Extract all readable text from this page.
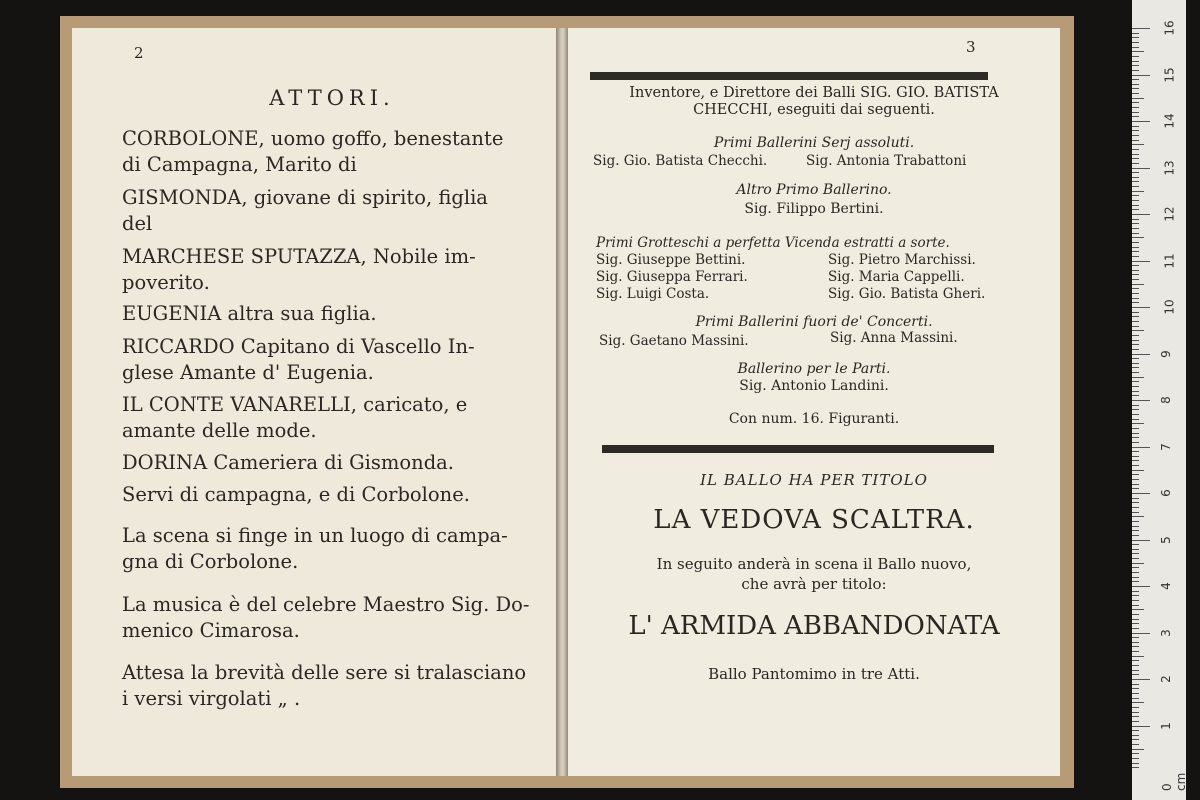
2
ATTORI.
CORBOLONE, uomo goffo, benestante
di Campagna, Marito di
GISMONDA, giovane di spirito, figlia
del
MARCHESE SPUTAZZA, Nobile im-
poverito.
EUGENIA altra sua figlia.
RICCARDO Capitano di Vascello In-
glese Amante d' Eugenia.
IL CONTE VANARELLI, caricato, e
amante delle mode.
DORINA Cameriera di Gismonda.
Servi di campagna, e di Corbolone.
La scena si finge in un luogo di campa-
gna di Corbolone.
La musica è del celebre Maestro Sig. Do-
menico Cimarosa.
Attesa la brevità delle sere si tralasciano
i versi virgolati „ .
3
Inventore, e Direttore dei Balli SIG. GIO. BATISTA
CHECCHI, eseguiti dai seguenti.
Primi Ballerini Serj assoluti.
Sig. Gio. Batista Checchi.	Sig. Antonia Trabattoni
Altro Primo Ballerino.
Sig. Filippo Bertini.
Primi Grotteschi a perfetta Vicenda estratti a sorte.
Sig. Giuseppe Bettini.
Sig. Giuseppa Ferrari.
Sig. Luigi Costa.
Sig. Pietro Marchissi.
Sig. Maria Cappelli.
Sig. Gio. Batista Gheri.
Primi Ballerini fuori de' Concerti.
Sig. Gaetano Massini.	Sig. Anna Massini.
Ballerino per le Parti.
Sig. Antonio Landini.
Con num. 16. Figuranti.
IL BALLO HA PER TITOLO
LA VEDOVA SCALTRA.
In seguito anderà in scena il Ballo nuovo,
che avrà per titolo:
L' ARMIDA ABBANDONATA
Ballo Pantomimo in tre Atti.
16
15
14
13
12
11
10
9
8
7
6
5
4
3
2
1
0 cm
